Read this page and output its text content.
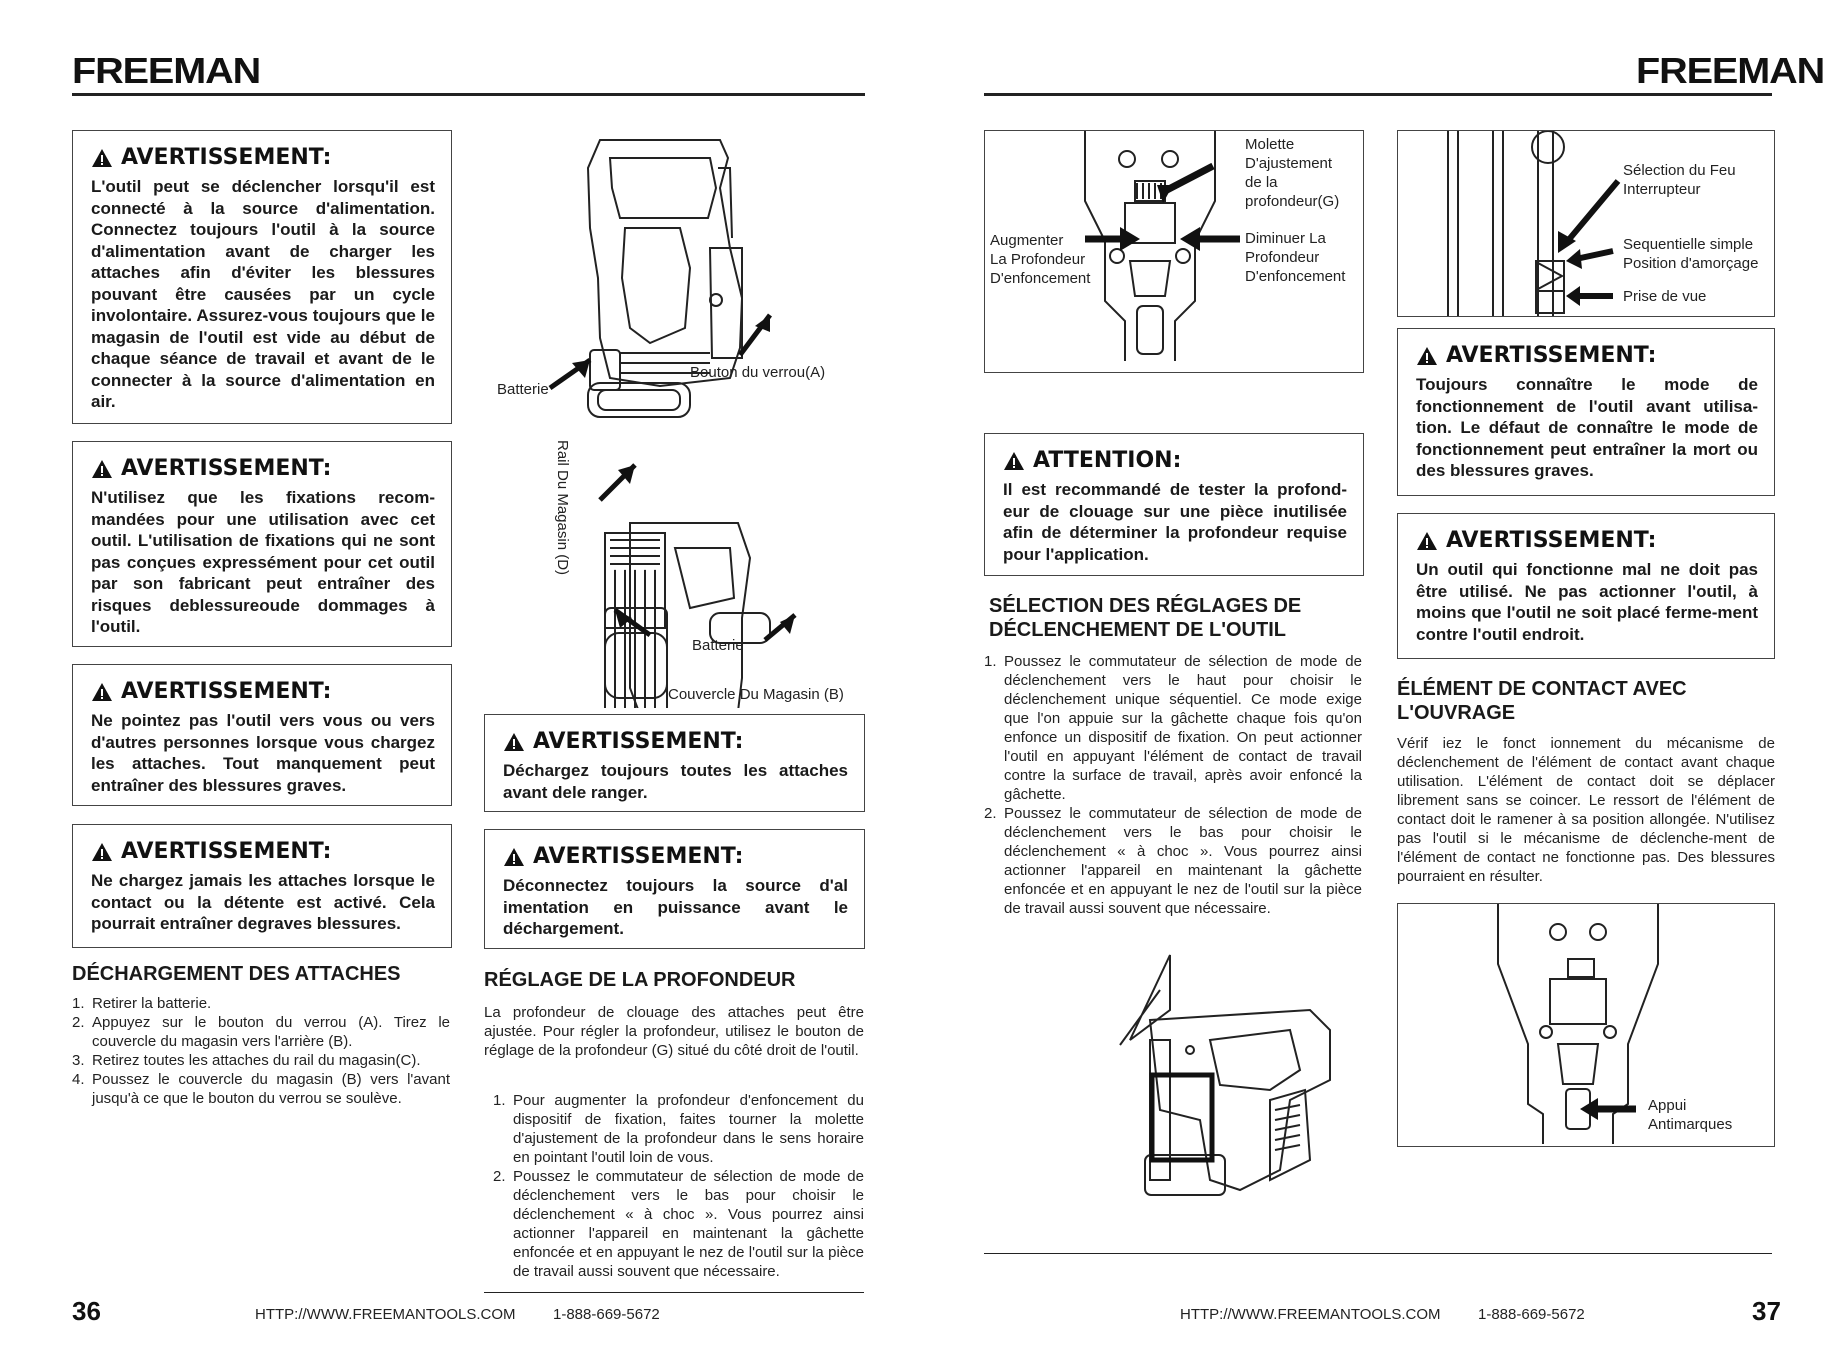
FREEMAN
AVERTISSEMENT:
L'outil peut se déclencher lorsqu'il est connecté à la source d'alimentation. Connectez toujours l'outil à la source d'alimentation avant de charger les attaches afin d'éviter les blessures pouvant être causées par un cycle involontaire. Assurez-vous toujours que le magasin de l'outil est vide au début de chaque séance de travail et avant de le connecter à la source d'alimentation en air.
AVERTISSEMENT:
N'utilisez que les fixations recom-mandées pour une utilisation avec cet outil. L'utilisation de fixations qui ne sont pas conçues expressément pour cet outil par son fabricant peut entraîner des risques deblessureoude dommages à l'outil.
AVERTISSEMENT:
Ne pointez pas l'outil vers vous ou vers d'autres personnes lorsque vous chargez les attaches. Tout manquement peut entraîner des blessures graves.
AVERTISSEMENT:
Ne chargez jamais les attaches lorsque le contact ou la détente est activé. Cela pourrait entraîner degraves blessures.
DÉCHARGEMENT DES ATTACHES
1. Retirer la batterie.
2. Appuyez sur le bouton du verrou (A). Tirez le couvercle du magasin vers l'arrière (B).
3. Retirez toutes les attaches du rail du magasin(C).
4. Poussez le couvercle du magasin (B) vers l'avant jusqu'à ce que le bouton du verrou se soulève.
Batterie
Bouton du verrou(A)
Rail Du Magasin (D)
Batterie
Couvercle Du Magasin (B)
AVERTISSEMENT:
Déchargez toujours toutes les attaches avant dele ranger.
AVERTISSEMENT:
Déconnectez toujours la source d'al imentation en puissance avant le déchargement.
RÉGLAGE DE LA PROFONDEUR
La profondeur de clouage des attaches peut être ajustée. Pour régler la profondeur, utilisez le bouton de réglage de la profondeur (G) situé du côté droit de l'outil.
1. Pour augmenter la profondeur d'enfoncement du dispositif de fixation, faites tourner la molette d'ajustement de la profondeur dans le sens horaire en pointant l'outil loin de vous.
2. Poussez le commutateur de sélection de mode de déclenchement vers le bas pour choisir le déclenchement « à choc ». Vous pourrez ainsi actionner l'appareil en maintenant la gâchette enfoncée et en appuyant le nez de l'outil sur la pièce de travail aussi souvent que nécessaire.
36	HTTP://WWW.FREEMANTOOLS.COM 1-888-669-5672
FREEMAN
Molette
D'ajustement
de la
profondeur(G)
Augmenter
La Profondeur
D'enfoncement
Diminuer La
Profondeur
D'enfoncement
ATTENTION:
Il est recommandé de tester la profond-eur de clouage sur une pièce inutilisée afin de déterminer la profondeur requise pour l'application.
SÉLECTION DES RÉGLAGES DE DÉCLENCHEMENT DE L'OUTIL
1. Poussez le commutateur de sélection de mode de déclenchement vers le haut pour choisir le déclenchement unique séquentiel. Ce mode exige que l'on appuie sur la gâchette chaque fois qu'on enfonce un dispositif de fixation. On peut actionner l'outil en appuyant l'élément de contact de travail contre la surface de travail, après avoir enfoncé la gâchette.
2. Poussez le commutateur de sélection de mode de déclenchement vers le bas pour choisir le déclenchement « à choc ». Vous pourrez ainsi actionner l'appareil en maintenant la gâchette enfoncée et en appuyant le nez de l'outil sur la pièce de travail aussi souvent que nécessaire.
Sélection du Feu
Interrupteur
Sequentielle simple
Position d'amorçage
Prise de vue
AVERTISSEMENT:
Toujours connaître le mode de fonctionnement de l'outil avant utilisa-tion. Le défaut de connaître le mode de fonctionnement peut entraîner la mort ou des blessures graves.
AVERTISSEMENT:
Un outil qui fonctionne mal ne doit pas être utilisé. Ne pas actionner l'outil, à moins que l'outil ne soit placé ferme-ment contre l'outil endroit.
ÉLÉMENT DE CONTACT AVEC L'OUVRAGE
Vérif iez le fonct ionnement du mécanisme de déclenchement de l'élément de contact avant chaque utilisation. L'élément de contact doit se déplacer librement sans se coincer. Le ressort de l'élément de contact doit le ramener à sa position allongée. N'utilisez pas l'outil si le mécanisme de déclenche-ment de l'élément de contact ne fonctionne pas. Des blessures pourraient en résulter.
Appui
Antimarques
HTTP://WWW.FREEMANTOOLS.COM 1-888-669-5672	37
